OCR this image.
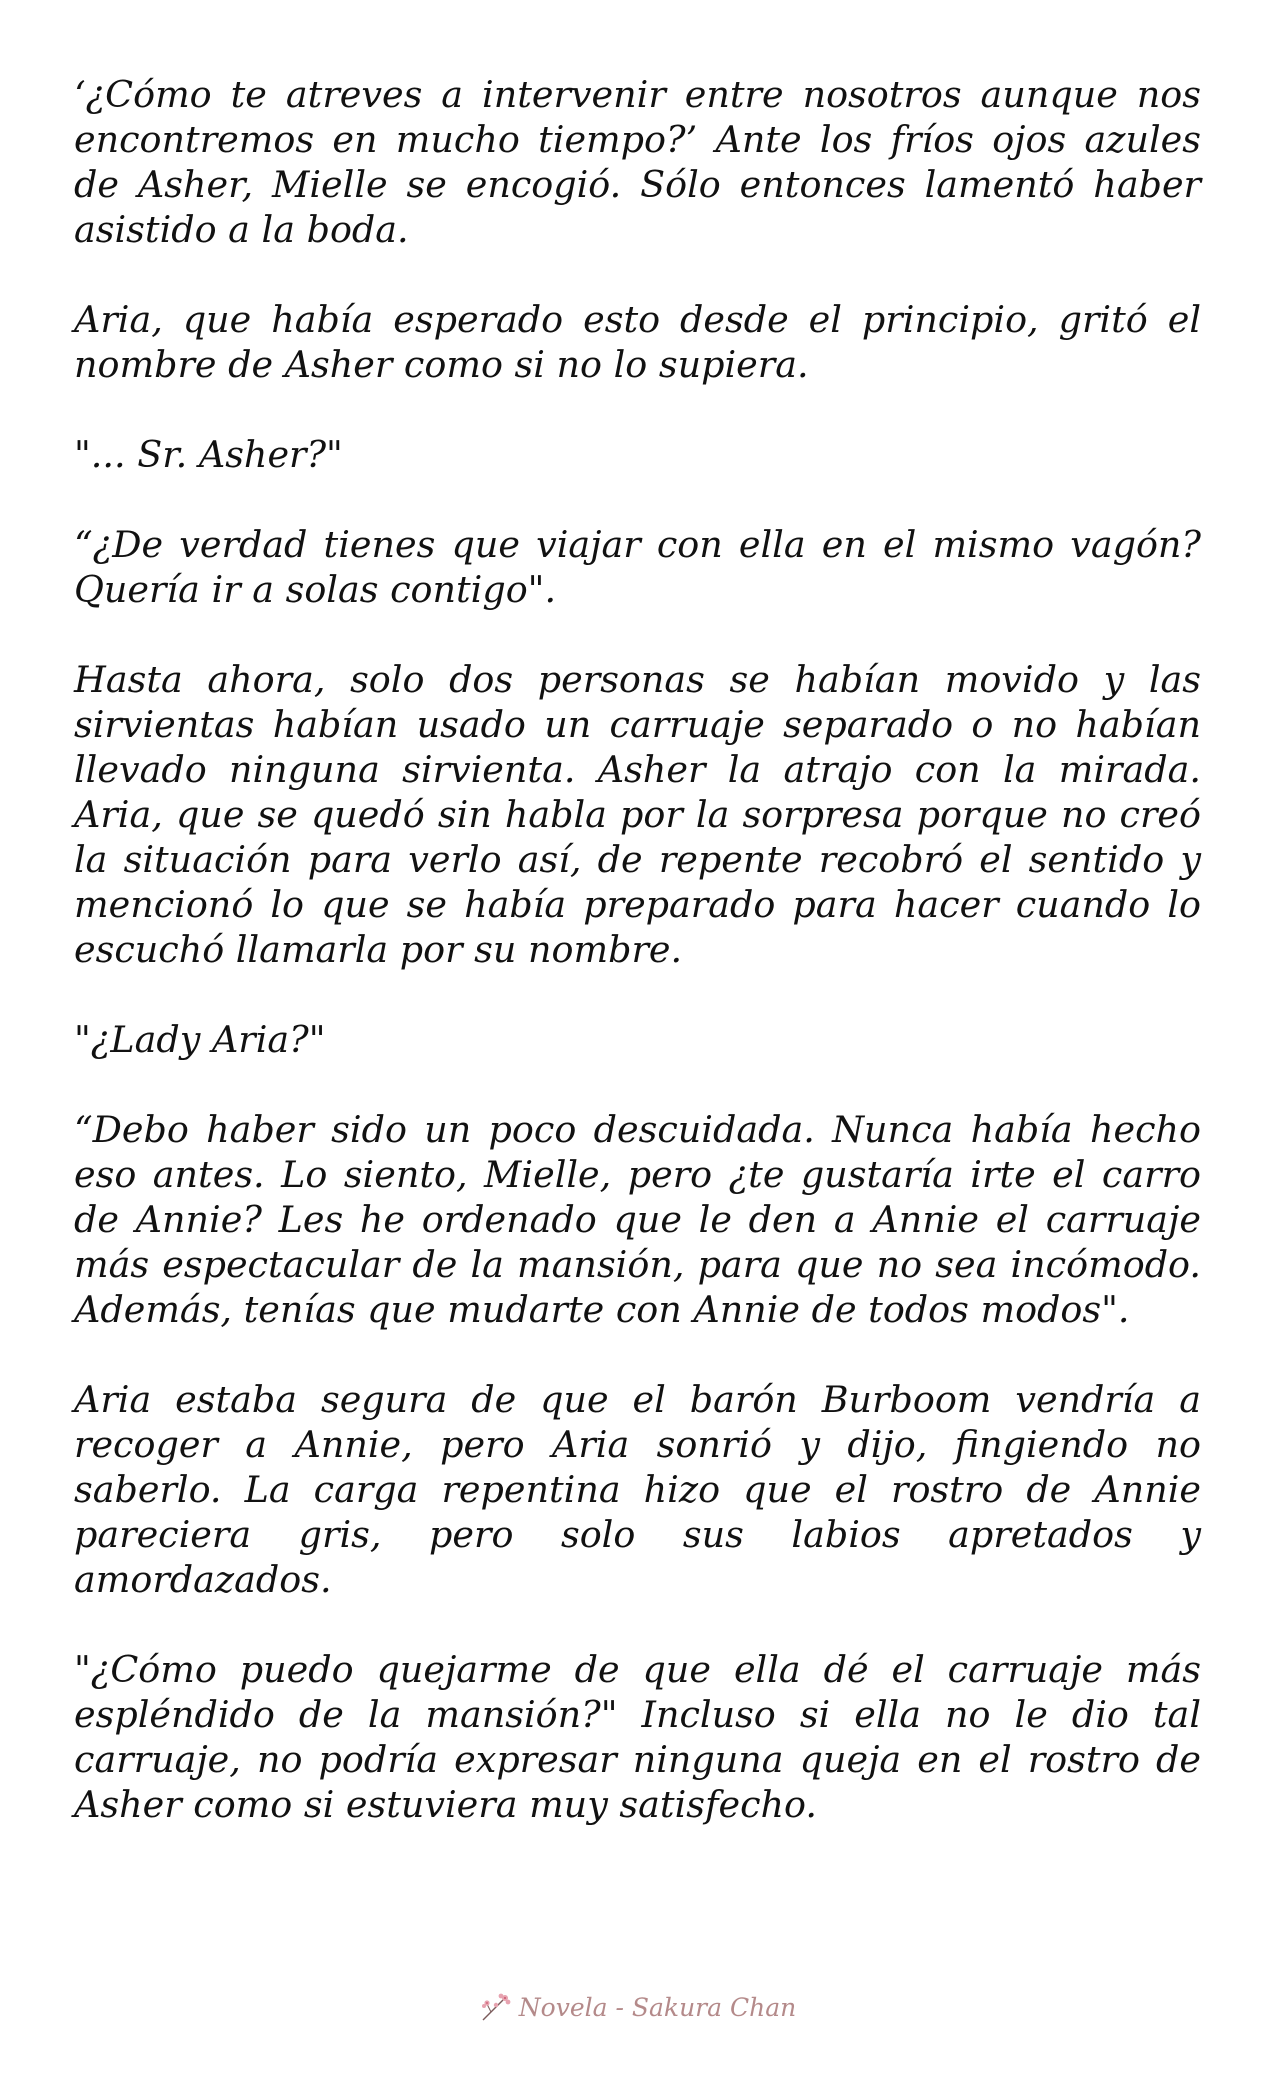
‘¿Cómo te atreves a intervenir entre nosotros aunque nos encontremos en mucho tiempo?’ Ante los fríos ojos azules de Asher, Mielle se encogió. Sólo entonces lamentó haber asistido a la boda.

Aria, que había esperado esto desde el principio, gritó el nombre de Asher como si no lo supiera.

"... Sr. Asher?"

“¿De verdad tienes que viajar con ella en el mismo vagón? Quería ir a solas contigo".

Hasta ahora, solo dos personas se habían movido y las sirvientas habían usado un carruaje separado o no habían llevado ninguna sirvienta. Asher la atrajo con la mirada. Aria, que se quedó sin habla por la sorpresa porque no creó la situación para verlo así, de repente recobró el sentido y mencionó lo que se había preparado para hacer cuando lo escuchó llamarla por su nombre.

"¿Lady Aria?"

“Debo haber sido un poco descuidada. Nunca había hecho eso antes. Lo siento, Mielle, pero ¿te gustaría irte el carro de Annie? Les he ordenado que le den a Annie el carruaje más espectacular de la mansión, para que no sea incómodo. Además, tenías que mudarte con Annie de todos modos".

Aria estaba segura de que el barón Burboom vendría a recoger a Annie, pero Aria sonrió y dijo, fingiendo no saberlo. La carga repentina hizo que el rostro de Annie pareciera gris, pero solo sus labios apretados y amordazados.

"¿Cómo puedo quejarme de que ella dé el carruaje más espléndido de la mansión?" Incluso si ella no le dio tal carruaje, no podría expresar ninguna queja en el rostro de Asher como si estuviera muy satisfecho.

Novela - Sakura Chan
